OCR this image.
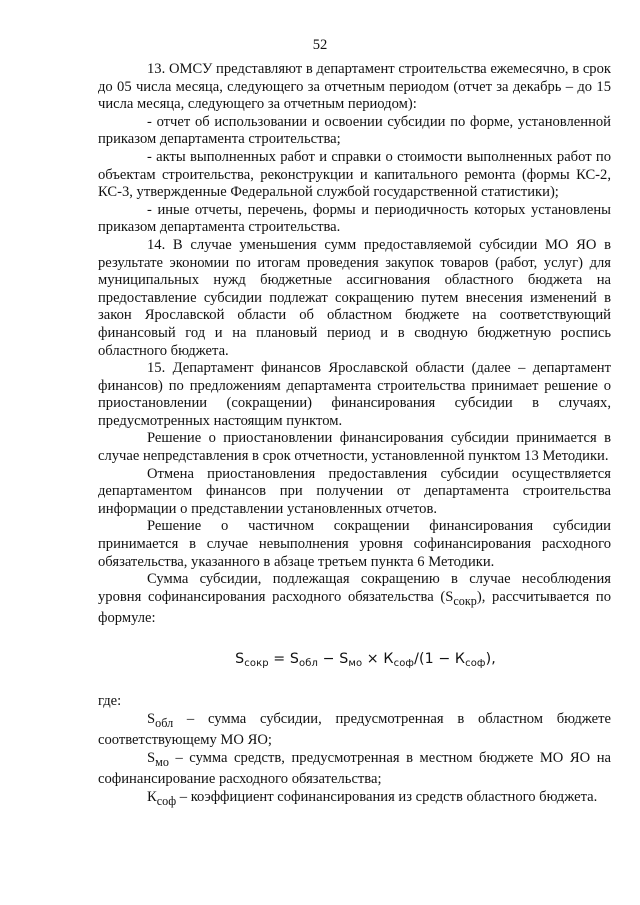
52

13. ОМСУ представляют в департамент строительства ежемесячно, в срок до 05 числа месяца, следующего за отчетным периодом (отчет за декабрь – до 15 числа месяца, следующего за отчетным периодом):

- отчет об использовании и освоении субсидии по форме, установленной приказом департамента строительства;

- акты выполненных работ и справки о стоимости выполненных работ по объектам строительства, реконструкции и капитального ремонта (формы КС-2, КС-3, утвержденные Федеральной службой государственной статистики);

- иные отчеты, перечень, формы и периодичность которых установлены приказом департамента строительства.

14. В случае уменьшения сумм предоставляемой субсидии МО ЯО в результате экономии по итогам проведения закупок товаров (работ, услуг) для муниципальных нужд бюджетные ассигнования областного бюджета на предоставление субсидии подлежат сокращению путем внесения изменений в закон Ярославской области об областном бюджете на соответствующий финансовый год и на плановый период и в сводную бюджетную роспись областного бюджета.

15. Департамент финансов Ярославской области (далее – департамент финансов) по предложениям департамента строительства принимает решение о приостановлении (сокращении) финансирования субсидии в случаях, предусмотренных настоящим пунктом.

Решение о приостановлении финансирования субсидии принимается в случае непредставления в срок отчетности, установленной пунктом 13 Методики.

Отмена приостановления предоставления субсидии осуществляется департаментом финансов при получении от департамента строительства информации о представлении установленных отчетов.

Решение о частичном сокращении финансирования субсидии принимается в случае невыполнения уровня софинансирования расходного обязательства, указанного в абзаце третьем пункта 6 Методики.

Сумма субсидии, подлежащая сокращению в случае несоблюдения уровня софинансирования расходного обязательства $(S_{сокр})$, рассчитывается по формуле:

$S_{сокр} = S_{обл} - S_{мо} \times К_{соф}/(1 - К_{соф})$,

где:

$S_{обл}$ – сумма субсидии, предусмотренная в областном бюджете соответствующему МО ЯО;

$S_{мо}$ – сумма средств, предусмотренная в местном бюджете МО ЯО на софинансирование расходного обязательства;

$К_{соф}$ – коэффициент софинансирования из средств областного бюджета.
